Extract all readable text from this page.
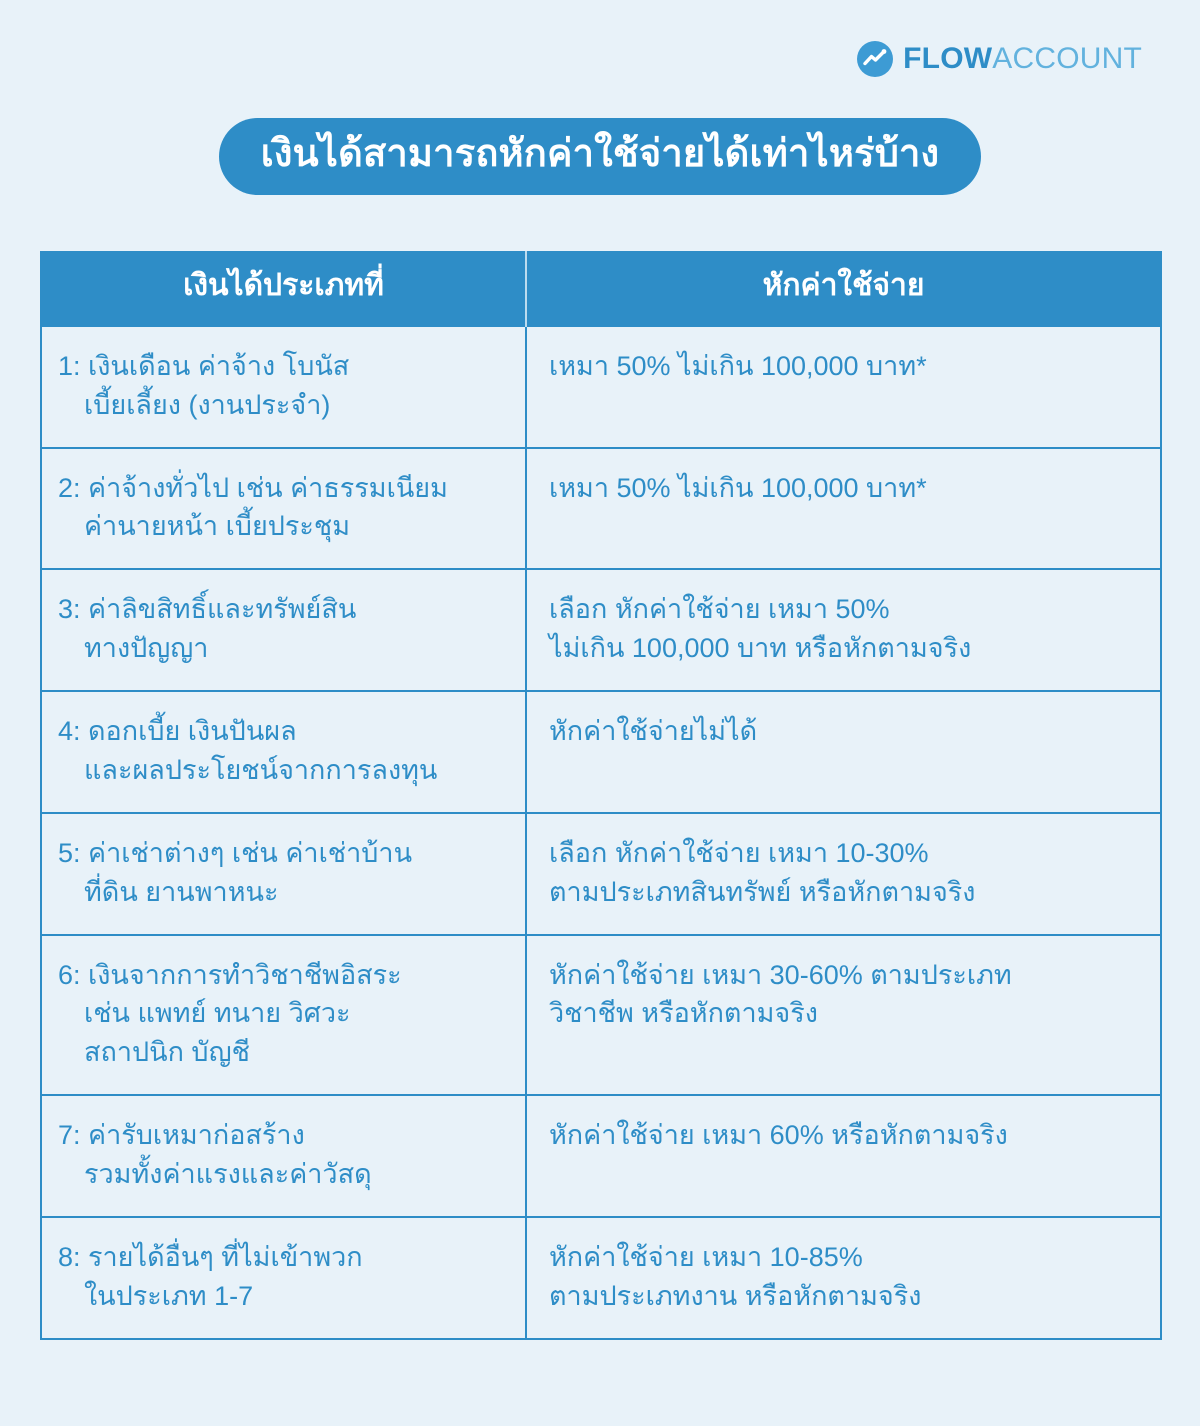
FLOWACCOUNT
เงินได้สามารถหักค่าใช้จ่ายได้เท่าไหร่บ้าง
เงินได้ประเภทที่	หักค่าใช้จ่าย

1: เงินเดือน ค่าจ้าง โบนัส
เบี้ยเลี้ยง (งานประจำ)	เหมา 50% ไม่เกิน 100,000 บาท*

2: ค่าจ้างทั่วไป เช่น ค่าธรรมเนียม
ค่านายหน้า เบี้ยประชุม	เหมา 50% ไม่เกิน 100,000 บาท*

3: ค่าลิขสิทธิ์และทรัพย์สิน
ทางปัญญา	เลือก หักค่าใช้จ่าย เหมา 50%
ไม่เกิน 100,000 บาท หรือหักตามจริง

4: ดอกเบี้ย เงินปันผล
และผลประโยชน์จากการลงทุน	หักค่าใช้จ่ายไม่ได้

5: ค่าเช่าต่างๆ เช่น ค่าเช่าบ้าน
ที่ดิน ยานพาหนะ	เลือก หักค่าใช้จ่าย เหมา 10-30%
ตามประเภทสินทรัพย์ หรือหักตามจริง

6: เงินจากการทำวิชาชีพอิสระ
เช่น แพทย์ ทนาย วิศวะ
สถาปนิก บัญชี	หักค่าใช้จ่าย เหมา 30-60% ตามประเภท
วิชาชีพ หรือหักตามจริง

7: ค่ารับเหมาก่อสร้าง
รวมทั้งค่าแรงและค่าวัสดุ	หักค่าใช้จ่าย เหมา 60% หรือหักตามจริง

8: รายได้อื่นๆ ที่ไม่เข้าพวก
ในประเภท 1-7	หักค่าใช้จ่าย เหมา 10-85%
ตามประเภทงาน หรือหักตามจริง
